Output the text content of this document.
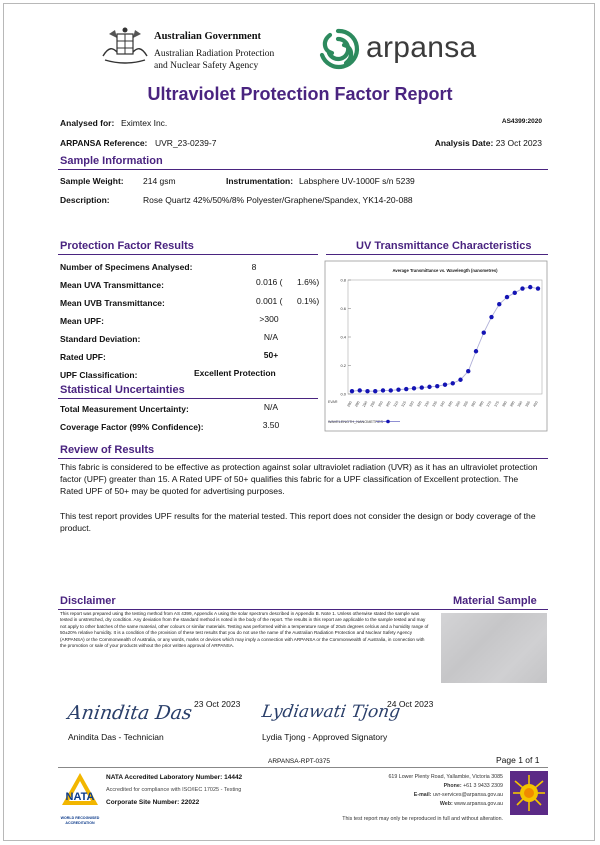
Australian Government
Australian Radiation Protection
and Nuclear Safety Agency
arpansa
Ultraviolet Protection Factor Report
Analysed for: Eximtex Inc.	AS4399:2020
ARPANSA Reference: UVR_23-0239-7	Analysis Date: 23 Oct 2023
Sample Information
Sample Weight: 214 gsm	Instrumentation: Labsphere UV-1000F s/n 5239
Description:	Rose Quartz 42%/50%/8% Polyester/Graphene/Spandex, YK14-20-088
Protection Factor Results
Number of Specimens Analysed:	8
Mean UVA Transmittance:	0.016 ( 1.6%)
Mean UVB Transmittance:	0.001 ( 0.1%)
Mean UPF:	>300
Standard Deviation:	N/A
Rated UPF:	50+
UPF Classification:	Excellent Protection
Statistical Uncertainties
Total Measurement Uncertainty:	N/A
Coverage Factor (99% Confidence):	3.50
UV Transmittance Characteristics
Average Transmittance vs. Wavelength (nanometres)
0.8
0.6
0.4
0.2
0.0
280 285 290 295 300 305 310 315 320 325 330 335 340 345 350 355 360 365 370 375 380 385 390 395 400
WAVELENGTH_NANOMETRES
EVAR
Review of Results
This fabric is considered to be effective as protection against solar ultraviolet radiation (UVR) as it has an ultraviolet protection factor (UPF) greater than 15. A Rated UPF of 50+ qualifies this fabric for a UPF classification of Excellent protection. The Rated UPF of 50+ may be quoted for advertising purposes.
This test report provides UPF results for the material tested. This report does not consider the design or body coverage of the product.
Disclaimer	Material Sample
This report was prepared using the testing method from AS 4399, Appendix A using the solar spectrum described in Appendix B. Note 1. Unless otherwise stated the sample was tested in unstretched, dry condition. Any deviation from the standard method is noted in the body of the report. The results in this report are applicable to the sample tested and may not apply to other batches of the same material, other colours or similar materials. Testing was performed within a temperature range of 20±5 degrees celcius and a humidity range of 50±20% relative humidity. It is a condition of the provision of these test results that you do not use the name of the Australian Radiation Protection and Nuclear Safety Agency (ARPANSA) or the Commonwealth of Australia, or any words, marks or devices which may imply a connection with ARPANSA or the Commonwealth of Australia, in connection with the promotion or sale of your products without the prior written approval of ARPANSA.
Anindita Das 23 Oct 2023
Anindita Das - Technician
Lydiawati Tjong
24 Oct 2023
Lydia Tjong - Approved Signatory
ARPANSA-RPT-0375	Page 1 of 1
NATA
WORLD RECOGNISED
ACCREDITATION
NATA Accredited Laboratory Number: 14442
Accredited for compliance with ISO/IEC 17025 - Testing
Corporate Site Number: 22022
619 Lower Plenty Road, Yallambie, Victoria 3085
Phone: +61 3 9433 2309
E-mail: uvr-services@arpansa.gov.au
Web: www.arpansa.gov.au
This test report may only be reproduced in full and without alteration.
